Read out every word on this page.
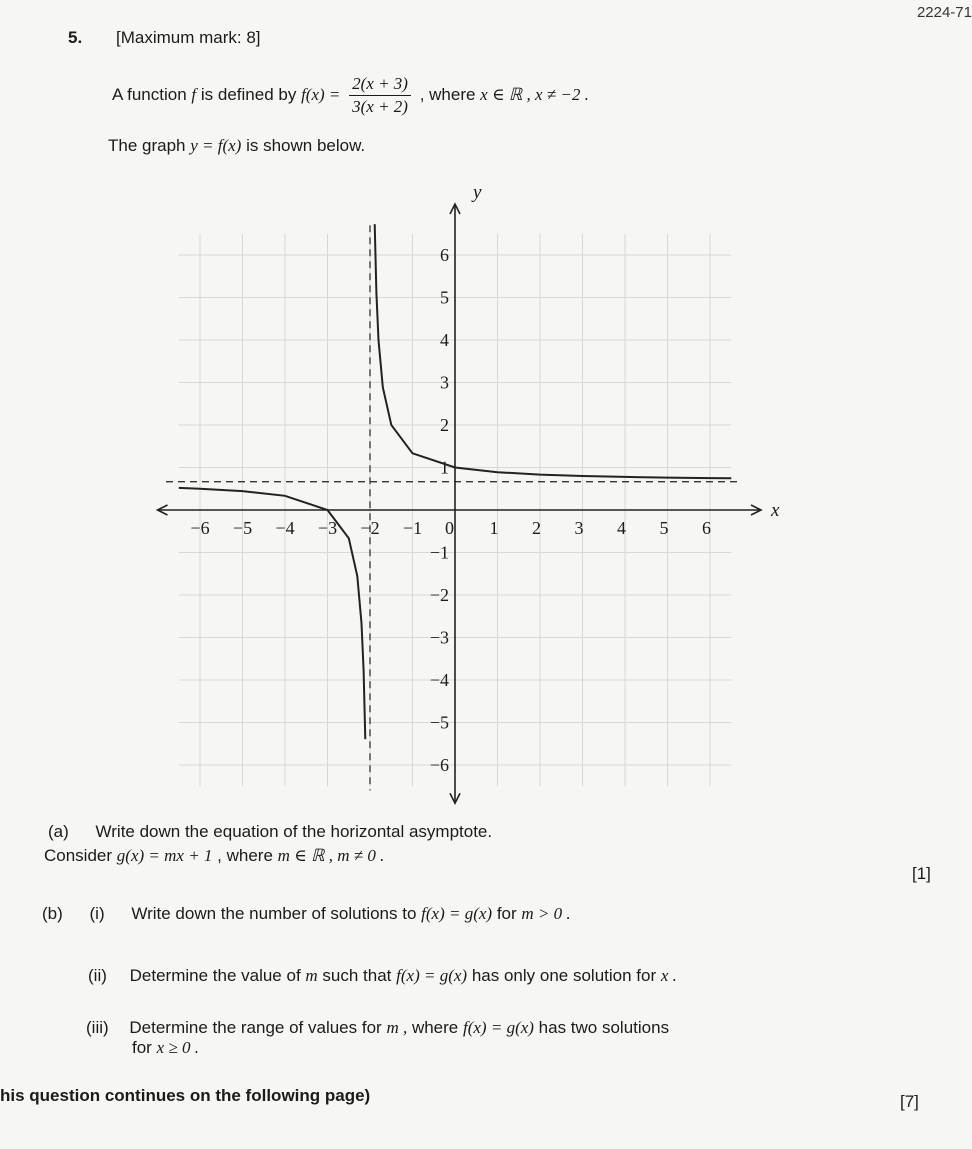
2224-71
5. [Maximum mark: 8]
A function f is defined by $f(x) = \frac{2(x + 3)}{3(x + 2)}$ , where x ∈ ℝ , x ≠ −2 .
The graph y = f(x) is shown below.
x
y
−6 −5 −4 −3 −2 −1 0 1 2 3 4 5 6
6
5
4
3
2
1
−1
−2
−3
−4
−5
−6
(a) Write down the equation of the horizontal asymptote.
Consider g(x) = mx + 1 , where m ∈ ℝ , m ≠ 0 .
[1]
(b) (i) Write down the number of solutions to f(x) = g(x) for m > 0 .
(ii) Determine the value of m such that f(x) = g(x) has only one solution for x .
(iii) Determine the range of values for m , where f(x) = g(x) has two solutions
for x ≥ 0 .
his question continues on the following page)	[7]
